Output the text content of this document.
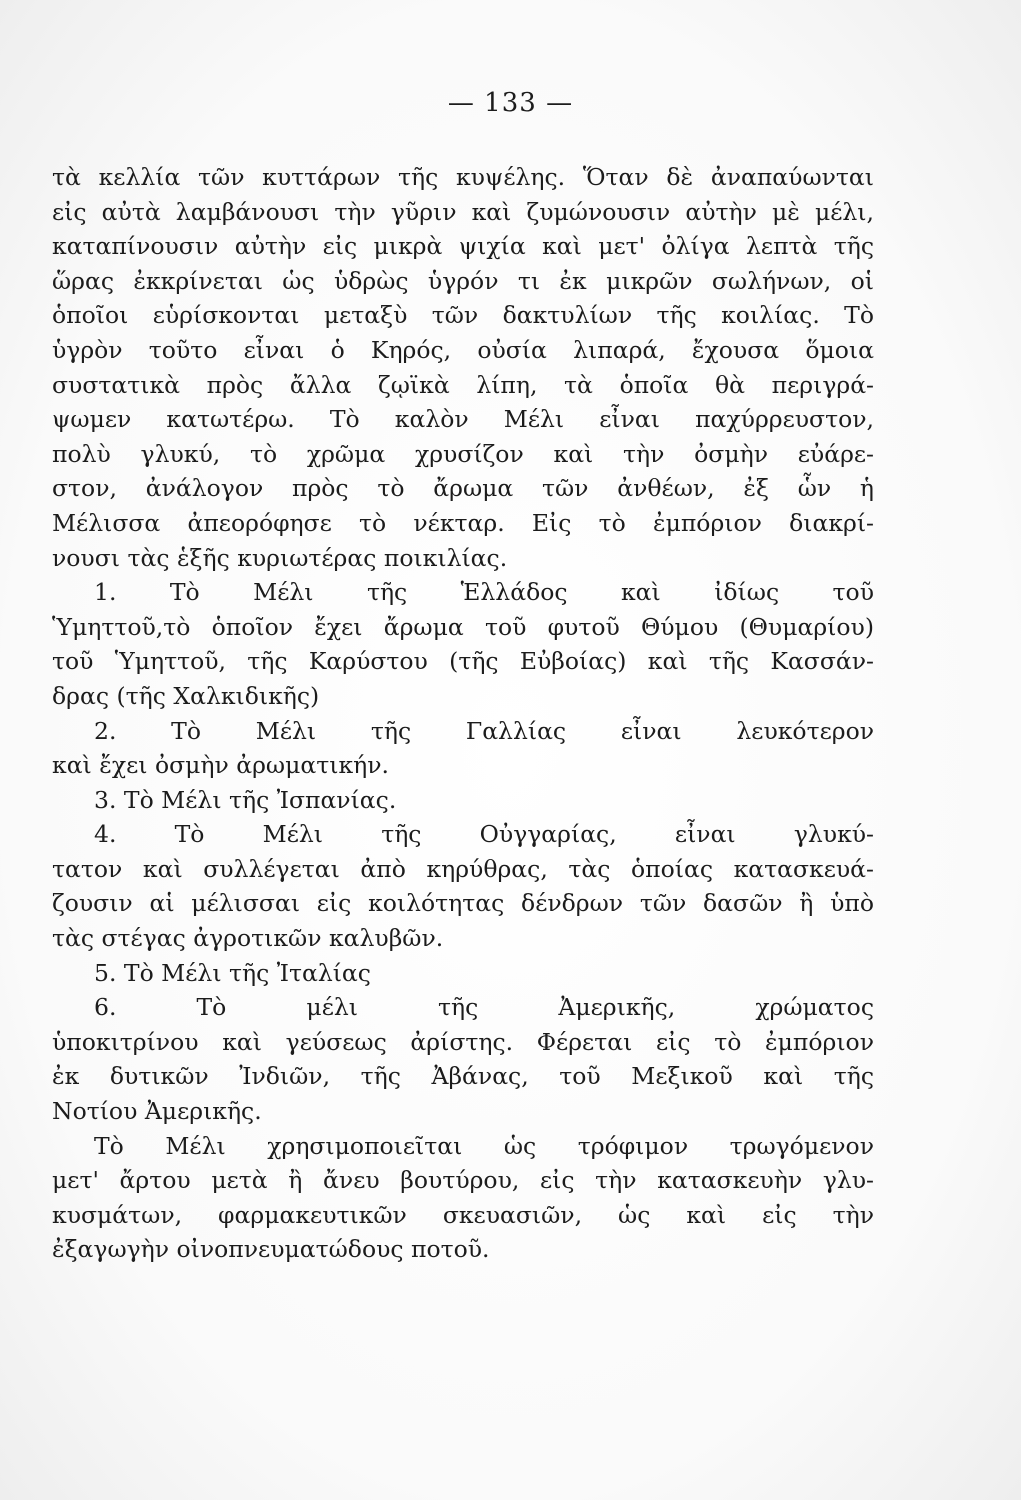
— 133 —
τὰ κελλία τῶν κυττάρων τῆς κυψέλης. Ὅταν δὲ ἀναπαύωνται
εἰς αὐτὰ λαμβάνουσι τὴν γῦριν καὶ ζυμώνουσιν αὐτὴν μὲ μέλι,
καταπίνουσιν αὐτὴν εἰς μικρὰ ψιχία καὶ μετ' ὀλίγα λεπτὰ τῆς
ὥρας ἐκκρίνεται ὡς ὑδρὼς ὑγρόν τι ἐκ μικρῶν σωλήνων, οἱ
ὁποῖοι εὑρίσκονται μεταξὺ τῶν δακτυλίων τῆς κοιλίας. Τὸ
ὑγρὸν τοῦτο εἶναι ὁ Κηρός, οὐσία λιπαρά, ἔχουσα ὅμοια
συστατικὰ πρὸς ἄλλα ζῳϊκὰ λίπη, τὰ ὁποῖα θὰ περιγρά-
ψωμεν κατωτέρω. Τὸ καλὸν Μέλι εἶναι παχύρρευστον,
πολὺ γλυκύ, τὸ χρῶμα χρυσίζον καὶ τὴν ὀσμὴν εὐάρε-
στον, ἀνάλογον πρὸς τὸ ἄρωμα τῶν ἀνθέων, ἐξ ὧν ἡ
Μέλισσα ἀπεορόφησε τὸ νέκταρ. Εἰς τὸ ἐμπόριον διακρί-
νουσι τὰς ἑξῆς κυριωτέρας ποικιλίας.
1. Τὸ Μέλι τῆς Ἑλλάδος καὶ ἰδίως τοῦ
Ὑμηττοῦ,τὸ ὁποῖον ἔχει ἄρωμα τοῦ φυτοῦ Θύμου (Θυμαρίου)
τοῦ Ὑμηττοῦ, τῆς Καρύστου (τῆς Εὐβοίας) καὶ τῆς Κασσάν-
δρας (τῆς Χαλκιδικῆς)
2. Τὸ Μέλι τῆς Γαλλίας εἶναι λευκότερον
καὶ ἔχει ὀσμὴν ἀρωματικήν.
3. Τὸ Μέλι τῆς Ἰσπανίας.
4. Τὸ Μέλι τῆς Οὐγγαρίας, εἶναι γλυκύ-
τατον καὶ συλλέγεται ἀπὸ κηρύθρας, τὰς ὁποίας κατασκευά-
ζουσιν αἱ μέλισσαι εἰς κοιλότητας δένδρων τῶν δασῶν ἢ ὑπὸ
τὰς στέγας ἀγροτικῶν καλυβῶν.
5. Τὸ Μέλι τῆς Ἰταλίας
6. Τὸ μέλι τῆς Ἀμερικῆς, χρώματος
ὑποκιτρίνου καὶ γεύσεως ἀρίστης. Φέρεται εἰς τὸ ἐμπόριον
ἐκ δυτικῶν Ἰνδιῶν, τῆς Ἀβάνας, τοῦ Μεξικοῦ καὶ τῆς
Νοτίου Ἀμερικῆς.
Τὸ Μέλι χρησιμοποιεῖται ὡς τρόφιμον τρωγόμενον
μετ' ἄρτου μετὰ ἢ ἄνευ βουτύρου, εἰς τὴν κατασκευὴν γλυ-
κυσμάτων, φαρμακευτικῶν σκευασιῶν, ὡς καὶ εἰς τὴν
ἐξαγωγὴν οἰνοπνευματώδους ποτοῦ.
